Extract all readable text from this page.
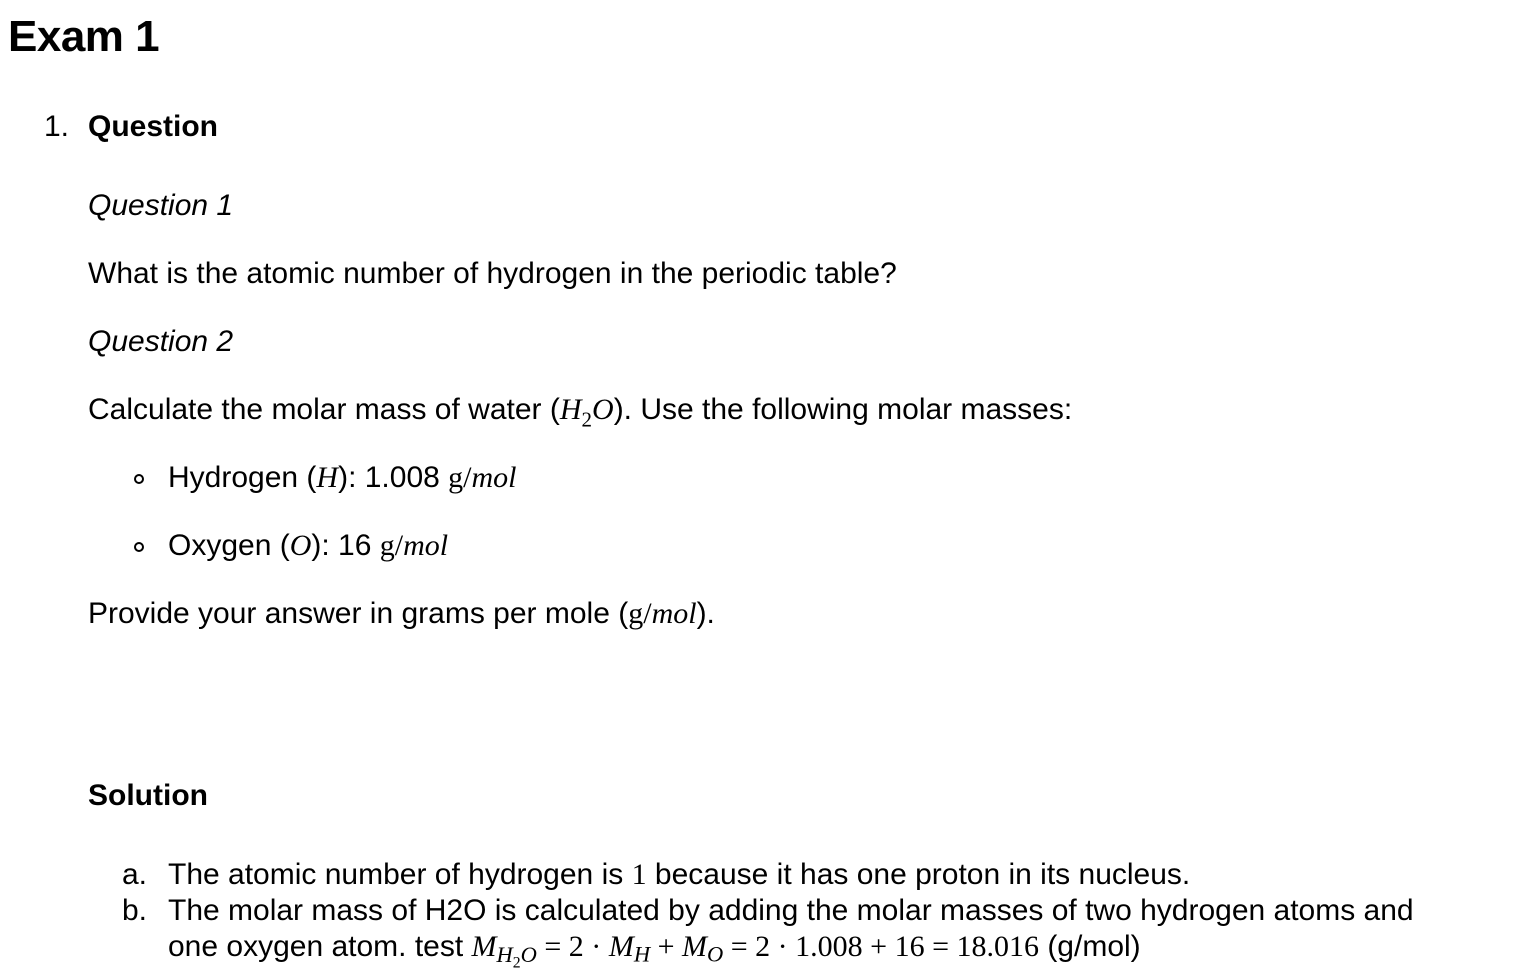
Exam 1
1. Question
Question 1
What is the atomic number of hydrogen in the periodic table?
Question 2
Calculate the molar mass of water $(H_2O)$. Use the following molar masses:
Hydrogen (H): 1.008 g/mol
Oxygen (O): 16 g/mol
Provide your answer in grams per mole (g/mol).
Solution
a. The atomic number of hydrogen is 1 because it has one proton in its nucleus.
b. The molar mass of H2O is calculated by adding the molar masses of two hydrogen atoms and
one oxygen atom. test $M_{H_2O} = 2 \cdot M_H + M_O = 2 \cdot 1.008 + 16 = 18.016$ (g/mol)
